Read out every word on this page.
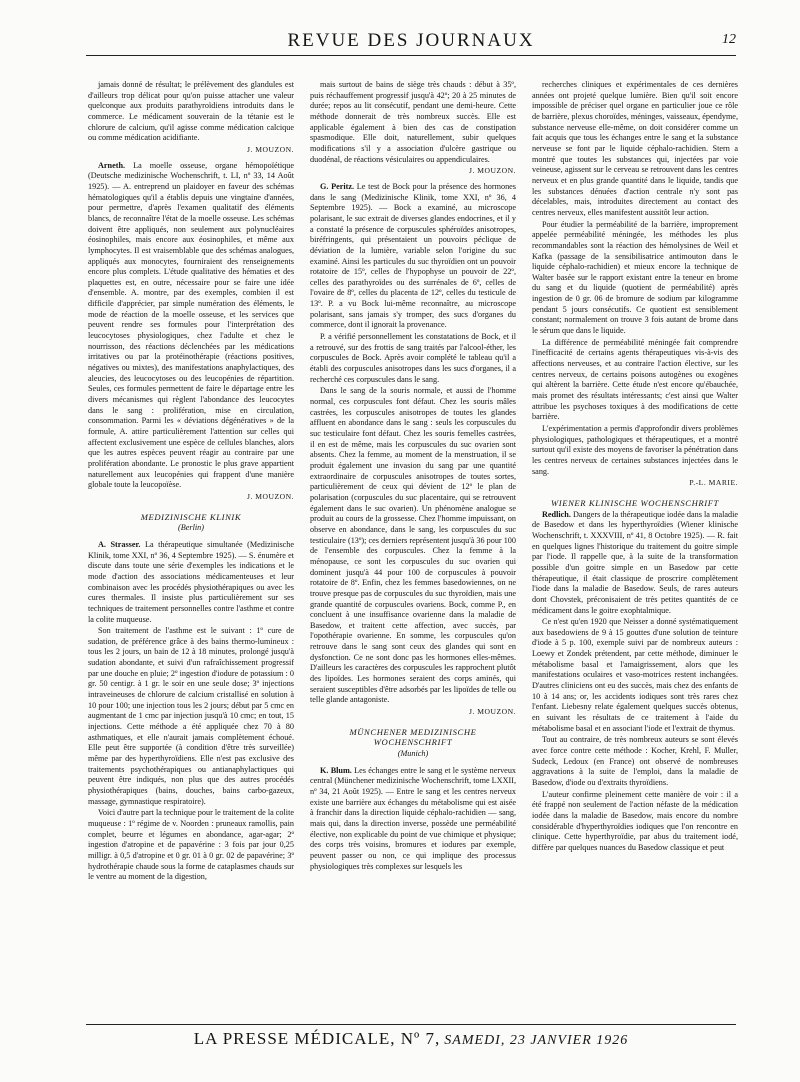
REVUE DES JOURNAUX	12

jamais donné de résultat; le prélèvement des glandules est d'ailleurs trop délicat pour qu'on puisse attacher une valeur quelconque aux produits parathyroïdiens introduits dans le commerce. Le médicament souverain de la tétanie est le chlorure de calcium, qu'il agisse comme médication calcique ou comme médication acidifiante.

J. MOUZON.

Arneth. La moelle osseuse, organe hémopoïétique (Deutsche medizinische Wochenschrift, t. LI, nº 33, 14 Août 1925). — A. entreprend un plaidoyer en faveur des schémas hématologiques qu'il a établis depuis une vingtaine d'années, pour permettre, d'après l'examen qualitatif des éléments blancs, de reconnaître l'état de la moelle osseuse. Les schémas doivent être appliqués, non seulement aux polynucléaires éosinophiles, mais encore aux éosinophiles, et même aux lymphocytes. Il est vraisemblable que des schémas analogues, appliqués aux monocytes, fourniraient des renseignements encore plus complets. L'étude qualitative des hématies et des plaquettes est, en outre, nécessaire pour se faire une idée d'ensemble. A. montre, par des exemples, combien il est difficile d'apprécier, par simple numération des éléments, le mode de réaction de la moelle osseuse, et les services que peuvent rendre ses formules pour l'interprétation des leucocytoses physiologiques, chez l'adulte et chez le nourrisson, des réactions déclenchées par les médications irritatives ou par la protéinothérapie (réactions positives, négatives ou mixtes), des manifestations anaphylactiques, des aleucies, des leucocytoses ou des leucopénies de répartition. Seules, ces formules permettent de faire le départage entre les divers mécanismes qui règlent l'abondance des leucocytes dans le sang : prolifération, mise en circulation, consommation. Parmi les « déviations dégénératives » de la formule, A. attire particulièrement l'attention sur celles qui affectent exclusivement une espèce de cellules blanches, alors que les autres espèces peuvent réagir au contraire par une prolifération abondante. Le pronostic le plus grave appartient naturellement aux leucopénies qui frappent d'une manière globale toute la leucopoïèse.

J. MOUZON.

MEDIZINISCHE KLINIK

(Berlin)

A. Strasser. La thérapeutique simultanée (Medizinische Klinik, tome XXI, nº 36, 4 Septembre 1925). — S. énumère et discute dans toute une série d'exemples les indications et le mode d'action des associations médicamenteuses et leur combinaison avec les procédés physiothérapiques ou avec les cures thermales. Il insiste plus particulièrement sur ses techniques de traitement personnelles contre l'asthme et contre la colite muqueuse.

Son traitement de l'asthme est le suivant : 1º cure de sudation, de préférence grâce à des bains thermo-lumineux : tous les 2 jours, un bain de 12 à 18 minutes, prolongé jusqu'à sudation abondante, et suivi d'un rafraîchissement progressif par une douche en pluie; 2º ingestion d'iodure de potassium : 0 gr. 50 centigr. à 1 gr. le soir en une seule dose; 3º injections intraveineuses de chlorure de calcium cristallisé en solution à 10 pour 100; une injection tous les 2 jours; début par 5 cmc en augmentant de 1 cmc par injection jusqu'à 10 cmc; en tout, 15 injections. Cette méthode a été appliquée chez 70 à 80 asthmatiques, et elle n'aurait jamais complètement échoué. Elle peut être supportée (à condition d'être très surveillée) même par des hyperthyroïdiens. Elle n'est pas exclusive des traitements psychothérapiques ou antianaphylactiques qui peuvent être indiqués, non plus que des autres procédés physiothérapiques (bains, douches, bains carbo-gazeux, massage, gymnastique respiratoire).

Voici d'autre part la technique pour le traitement de la colite muqueuse : 1º régime de v. Noorden : pruneaux ramollis, pain complet, beurre et légumes en abondance, agar-agar; 2º ingestion d'atropine et de papavérine : 3 fois par jour 0,25 milligr. à 0,5 d'atropine et 0 gr. 01 à 0 gr. 02 de papavérine; 3º hydrothérapie chaude sous la forme de cataplasmes chauds sur le ventre au moment de la digestion,

mais surtout de bains de siège très chauds : début à 35º, puis réchauffement progressif jusqu'à 42º; 20 à 25 minutes de durée; repos au lit consécutif, pendant une demi-heure. Cette méthode donnerait de très nombreux succès. Elle est applicable également à bien des cas de constipation spasmodique. Elle doit, naturellement, subir quelques modifications s'il y a association d'ulcère gastrique ou duodénal, de réactions vésiculaires ou appendiculaires.

J. MOUZON.

G. Peritz. Le test de Bock pour la présence des hormones dans le sang (Medizinische Klinik, tome XXI, nº 36, 4 Septembre 1925). — Bock a examiné, au microscope polarisant, le suc extrait de diverses glandes endocrines, et il y a constaté la présence de corpuscules sphéroïdes anisotropes, biréfringents, qui présentaient un pouvoirs péclique de déviation de la lumière, variable selon l'origine du suc examiné. Ainsi les particules du suc thyroïdien ont un pouvoir rotatoire de 15º, celles de l'hypophyse un pouvoir de 22º, celles des parathyroïdes ou des surrénales de 6º, celles de l'ovaire de 8º, celles du placenta de 12º, celles du testicule de 13º. P. a vu Bock lui-même reconnaître, au microscope polarisant, sans jamais s'y tromper, des sucs d'organes du commerce, dont il ignorait la provenance.

P. a vérifié personnellement les constatations de Bock, et il a retrouvé, sur des frottis de sang traités par l'alcool-éther, les corpuscules de Bock. Après avoir complété le tableau qu'il a établi des corpuscules anisotropes dans les sucs d'organes, il a recherché ces corpuscules dans le sang.

Dans le sang de la souris normale, et aussi de l'homme normal, ces corpuscules font défaut. Chez les souris mâles castrées, les corpuscules anisotropes de toutes les glandes affluent en abondance dans le sang : seuls les corpuscules du suc testiculaire font défaut. Chez les souris femelles castrées, il en est de même, mais les corpuscules du suc ovarien sont absents. Chez la femme, au moment de la menstruation, il se produit également une invasion du sang par une quantité extraordinaire de corpuscules anisotropes de toutes sortes, particulièrement de ceux qui dévient de 12º le plan de polarisation (corpuscules du suc placentaire, qui se retrouvent également dans le suc ovarien). Un phénomène analogue se produit au cours de la grossesse. Chez l'homme impuissant, on observe en abondance, dans le sang, les corpuscules du suc testiculaire (13º); ces derniers représentent jusqu'à 36 pour 100 de l'ensemble des corpuscules. Chez la femme à la ménopause, ce sont les corpuscules du suc ovarien qui dominent jusqu'à 44 pour 100 de corpuscules à pouvoir rotatoire de 8º. Enfin, chez les femmes basedowiennes, on ne trouve presque pas de corpuscules du suc thyroïdien, mais une grande quantité de corpuscules ovariens. Bock, comme P., en concluent à une insuffisance ovarienne dans la maladie de Basedow, et traitent cette affection, avec succès, par l'opothérapie ovarienne. En somme, les corpuscules qu'on retrouve dans le sang sont ceux des glandes qui sont en dysfonction. Ce ne sont donc pas les hormones elles-mêmes. D'ailleurs les caractères des corpuscules les rapprochent plutôt des lipoïdes. Les hormones seraient des corps aminés, qui seraient susceptibles d'être adsorbés par les lipoïdes de telle ou telle glande antagoniste.

J. MOUZON.

MÜNCHENER MEDIZINISCHE WOCHENSCHRIFT

(Munich)

K. Blum. Les échanges entre le sang et le système nerveux central (Münchener medizinische Wochenschrift, tome LXXII, nº 34, 21 Août 1925). — Entre le sang et les centres nerveux existe une barrière aux échanges du métabolisme qui est aisée à franchir dans la direction liquide céphalo-rachidien — sang, mais qui, dans la direction inverse, possède une perméabilité élective, non explicable du point de vue chimique et physique; des corps très voisins, bromures et iodures par exemple, peuvent passer ou non, ce qui implique des processus physiologiques très complexes sur lesquels les

recherches cliniques et expérimentales de ces dernières années ont projeté quelque lumière. Bien qu'il soit encore impossible de préciser quel organe en particulier joue ce rôle de barrière, plexus choroïdes, méninges, vaisseaux, épendyme, substance nerveuse elle-même, on doit considérer comme un fait acquis que tous les échanges entre le sang et la substance nerveuse se font par le liquide céphalo-rachidien. Stern a montré que toutes les substances qui, injectées par voie veineuse, agissent sur le cerveau se retrouvent dans les centres nerveux et en plus grande quantité dans le liquide, tandis que les substances dénuées d'action centrale n'y sont pas décelables, mais, introduites directement au contact des centres nerveux, elles manifestent aussitôt leur action.

Pour étudier la perméabilité de la barrière, improprement appelée perméabilité méningée, les méthodes les plus recommandables sont la réaction des hémolysines de Weil et Kafka (passage de la sensibilisatrice antimouton dans le liquide céphalo-rachidien) et mieux encore la technique de Walter basée sur le rapport existant entre la teneur en brome du sang et du liquide (quotient de perméabilité) après ingestion de 0 gr. 06 de bromure de sodium par kilogramme pendant 5 jours consécutifs. Ce quotient est sensiblement constant; normalement on trouve 3 fois autant de brome dans le sérum que dans le liquide.

La différence de perméabilité méningée fait comprendre l'inefficacité de certains agents thérapeutiques vis-à-vis des affections nerveuses, et au contraire l'action élective, sur les centres nerveux, de certains poisons autogènes ou exogènes qui altèrent la barrière. Cette étude n'est encore qu'ébauchée, mais promet des résultats intéressants; c'est ainsi que Walter attribue les psychoses toxiques à des modifications de cette barrière.

L'expérimentation a permis d'approfondir divers problèmes physiologiques, pathologiques et thérapeutiques, et a montré surtout qu'il existe des moyens de favoriser la pénétration dans les centres nerveux de certaines substances injectées dans le sang.

P.-L. MARIE.

WIENER KLINISCHE WOCHENSCHRIFT

Redlich. Dangers de la thérapeutique iodée dans la maladie de Basedow et dans les hyperthyroïdies (Wiener klinische Wochenschrift, t. XXXVIII, nº 41, 8 Octobre 1925). — R. fait en quelques lignes l'historique du traitement du goitre simple par l'iode. Il rappelle que, à la suite de la transformation possible d'un goitre simple en un Basedow par cette thérapeutique, il était classique de proscrire complètement l'iode dans la maladie de Basedow. Seuls, de rares auteurs dont Chovstek, préconisaient de très petites quantités de ce médicament dans le goitre exophtalmique.

Ce n'est qu'en 1920 que Neisser a donné systématiquement aux basedowiens de 9 à 15 gouttes d'une solution de teinture d'iode à 5 p. 100, exemple suivi par de nombreux auteurs : Loewy et Zondek prétendent, par cette méthode, diminuer le métabolisme basal et l'amaigrissement, alors que les manifestations oculaires et vaso-motrices restent inchangées. D'autres cliniciens ont eu des succès, mais chez des enfants de 10 à 14 ans; or, les accidents iodiques sont très rares chez l'enfant. Liebesny relate également quelques succès obtenus, en suivant les résultats de ce traitement à l'aide du métabolisme basal et en associant l'iode et l'extrait de thymus.

Tout au contraire, de très nombreux auteurs se sont élevés avec force contre cette méthode : Kocher, Krehl, F. Muller, Sudeck, Ledoux (en France) ont observé de nombreuses aggravations à la suite de l'emploi, dans la maladie de Basedow, d'iode ou d'extraits thyroïdiens.

L'auteur confirme pleinement cette manière de voir : il a été frappé non seulement de l'action néfaste de la médication iodée dans la maladie de Basedow, mais encore du nombre considérable d'hyperthyroïdies iodiques que l'on rencontre en clinique. Cette hyperthyroïdie, par abus du traitement iodé, diffère par quelques nuances du Basedow classique et peut

LA PRESSE MÉDICALE, Nº 7, SAMEDI, 23 JANVIER 1926
